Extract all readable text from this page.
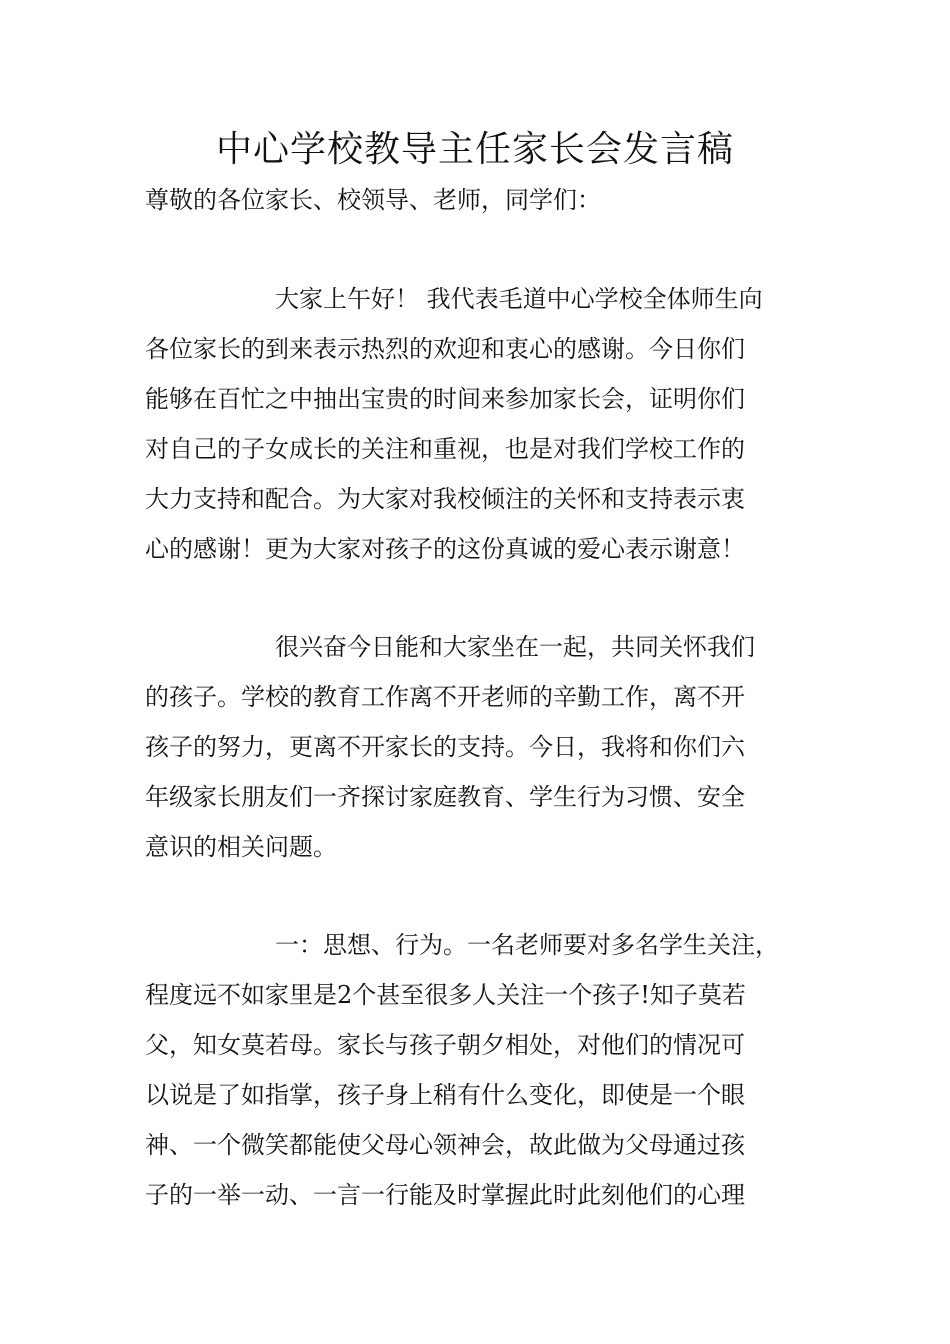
中心学校教导主任家长会发言稿
尊敬的各位家长、校领导、老师，同学们：
大家上午好！ 我代表毛道中心学校全体师生向
各位家长的到来表示热烈的欢迎和衷心的感谢。今日你们
能够在百忙之中抽出宝贵的时间来参加家长会，证明你们
对自己的子女成长的关注和重视，也是对我们学校工作的
大力支持和配合。为大家对我校倾注的关怀和支持表示衷
心的感谢！更为大家对孩子的这份真诚的爱心表示谢意！
很兴奋今日能和大家坐在一起，共同关怀我们
的孩子。学校的教育工作离不开老师的辛勤工作，离不开
孩子的努力，更离不开家长的支持。今日，我将和你们六
年级家长朋友们一齐探讨家庭教育、学生行为习惯、安全
意识的相关问题。
一：思想、行为。一名老师要对多名学生关注，
程度远不如家里是2个甚至很多人关注一个孩子!知子莫若
父，知女莫若母。家长与孩子朝夕相处，对他们的情况可
以说是了如指掌，孩子身上稍有什么变化，即使是一个眼
神、一个微笑都能使父母心领神会，故此做为父母通过孩
子的一举一动、一言一行能及时掌握此时此刻他们的心理
